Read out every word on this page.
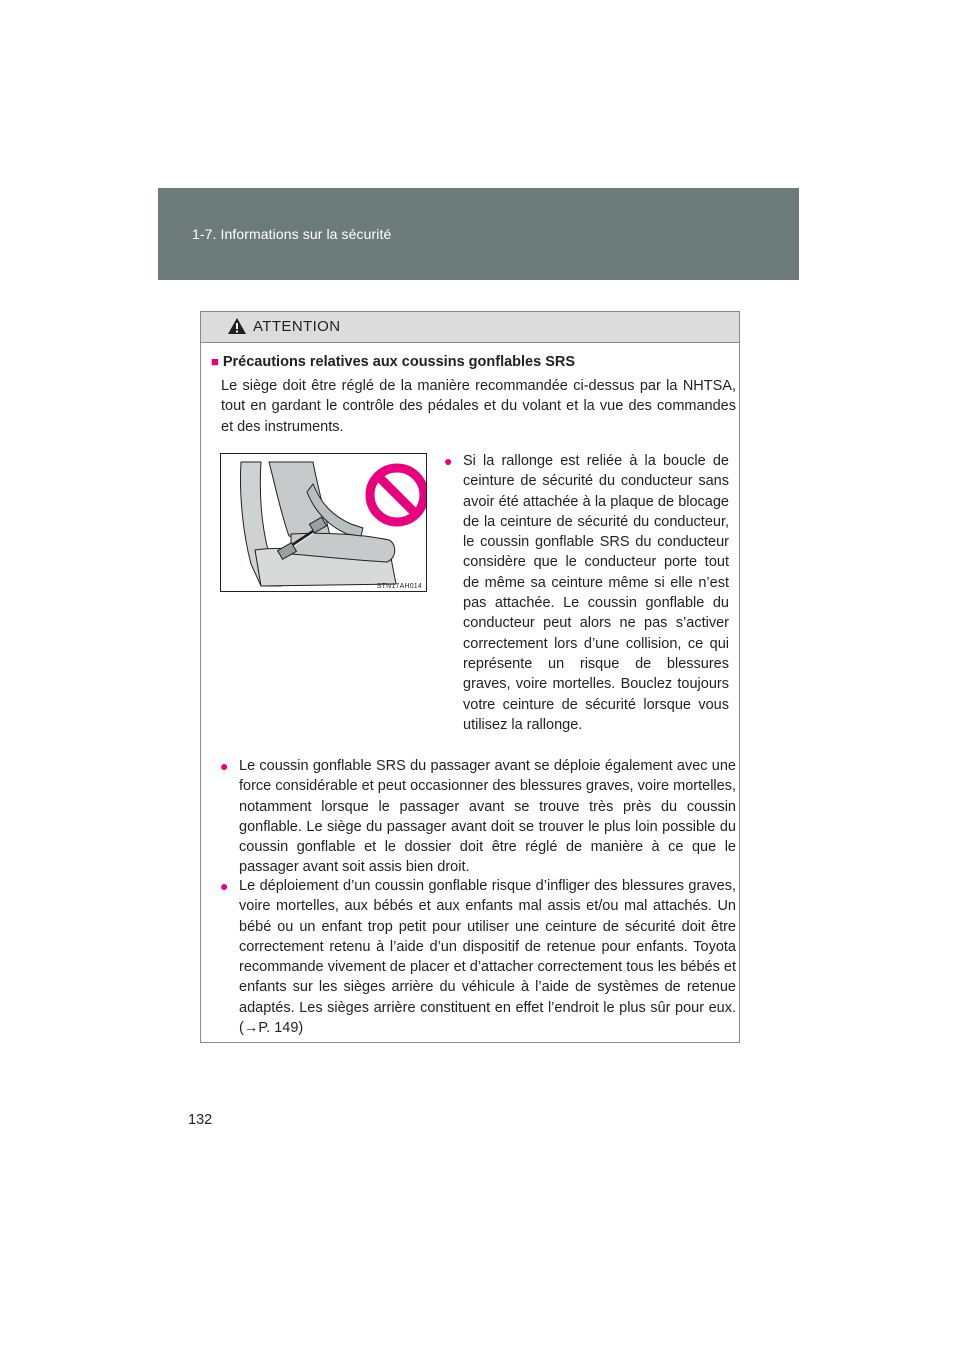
1-7. Informations sur la sécurité
ATTENTION
■ Précautions relatives aux coussins gonflables SRS

Le siège doit être réglé de la manière recommandée ci-dessus par la NHTSA, tout en gardant le contrôle des pédales et du volant et la vue des commandes et des instruments.

STN17AH014

● Si la rallonge est reliée à la boucle de ceinture de sécurité du conducteur sans avoir été attachée à la plaque de blocage de la ceinture de sécurité du conducteur, le coussin gonflable SRS du conducteur considère que le conducteur porte tout de même sa ceinture même si elle n’est pas attachée. Le coussin gonflable du conducteur peut alors ne pas s’activer correctement lors d’une collision, ce qui représente un risque de blessures graves, voire mortelles. Bouclez toujours votre ceinture de sécurité lorsque vous utilisez la rallonge.

● Le coussin gonflable SRS du passager avant se déploie également avec une force considérable et peut occasionner des blessures graves, voire mortelles, notamment lorsque le passager avant se trouve très près du coussin gonflable. Le siège du passager avant doit se trouver le plus loin possible du coussin gonflable et le dossier doit être réglé de manière à ce que le passager avant soit assis bien droit.

● Le déploiement d’un coussin gonflable risque d’infliger des blessures graves, voire mortelles, aux bébés et aux enfants mal assis et/ou mal attachés. Un bébé ou un enfant trop petit pour utiliser une ceinture de sécurité doit être correctement retenu à l’aide d’un dispositif de retenue pour enfants. Toyota recommande vivement de placer et d’attacher correctement tous les bébés et enfants sur les sièges arrière du véhicule à l’aide de systèmes de retenue adaptés. Les sièges arrière constituent en effet l’endroit le plus sûr pour eux. (→P. 149)

132
